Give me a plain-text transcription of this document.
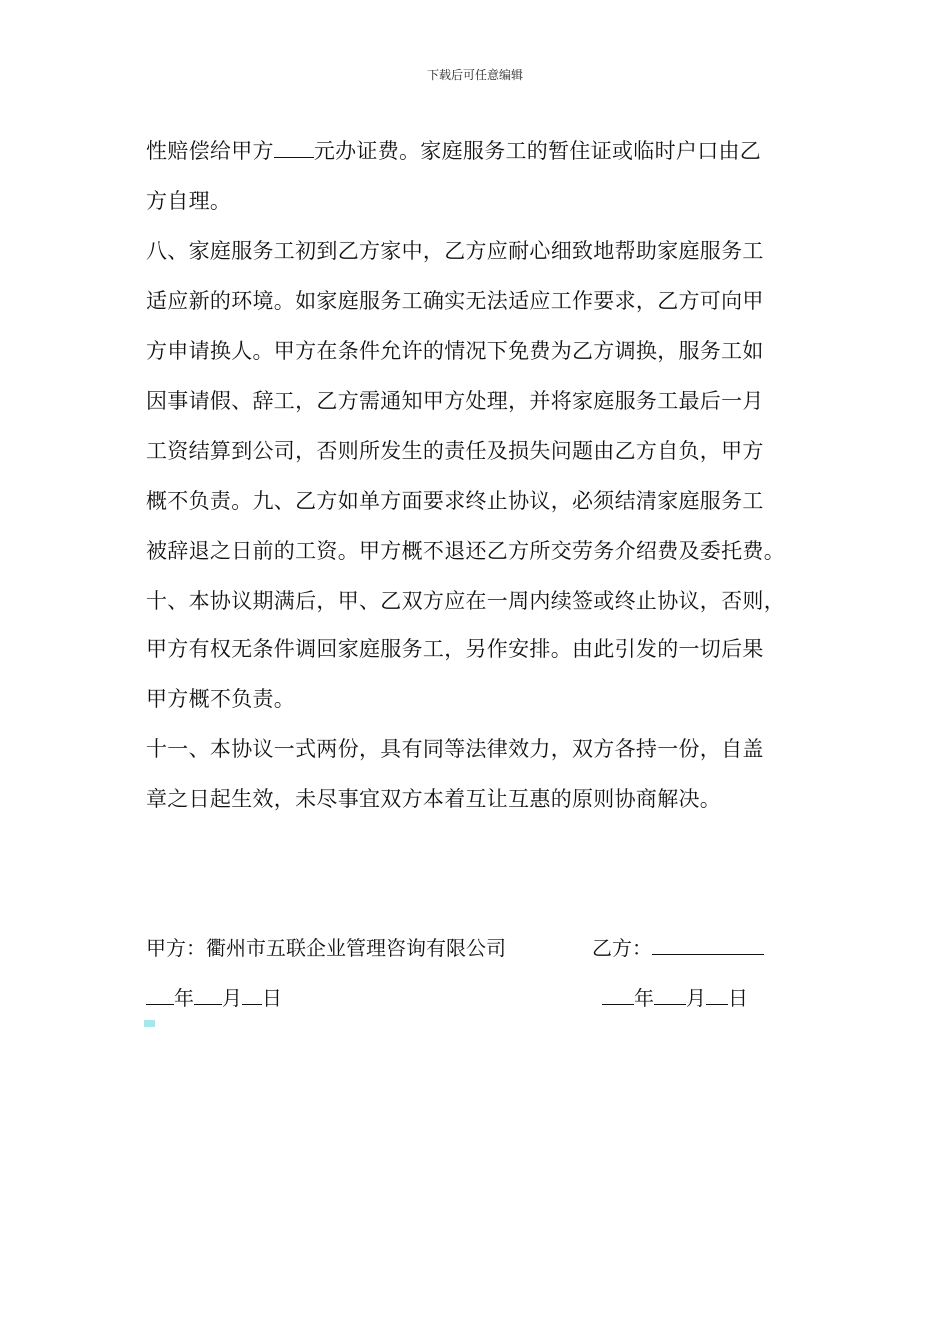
下载后可任意编辑
性赔偿给甲方 元办证费。家庭服务工的暂住证或临时户口由乙
方自理。
八、家庭服务工初到乙方家中，乙方应耐心细致地帮助家庭服务工
适应新的环境。如家庭服务工确实无法适应工作要求，乙方可向甲
方申请换人。甲方在条件允许的情况下免费为乙方调换，服务工如
因事请假、辞工，乙方需通知甲方处理，并将家庭服务工最后一月
工资结算到公司，否则所发生的责任及损失问题由乙方自负，甲方
概不负责。九、乙方如单方面要求终止协议，必须结清家庭服务工
被辞退之日前的工资。甲方概不退还乙方所交劳务介绍费及委托费。
十、本协议期满后，甲、乙双方应在一周内续签或终止协议，否则，
甲方有权无条件调回家庭服务工，另作安排。由此引发的一切后果
甲方概不负责。
十一、本协议一式两份，具有同等法律效力，双方各持一份，自盖
章之日起生效，未尽事宜双方本着互让互惠的原则协商解决。
甲方：衢州市五联企业管理咨询有限公司	乙方：
年 月 日	年 月 日
